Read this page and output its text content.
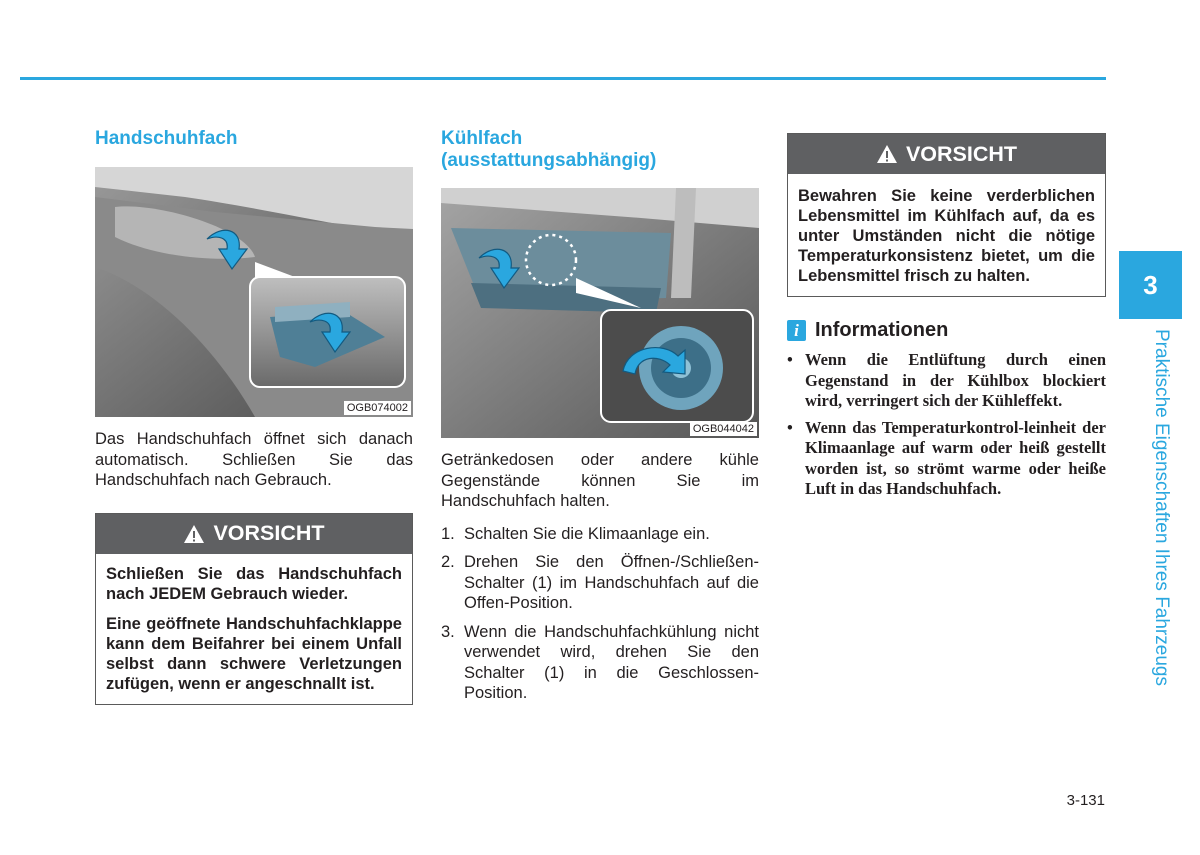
Handschuhfach
OGB074002

Das Handschuhfach öffnet sich danach automatisch. Schließen Sie das Handschuhfach nach Gebrauch.

VORSICHT

Schließen Sie das Handschuhfach nach JEDEM Gebrauch wieder.

Eine geöffnete Handschuhfachklappe kann dem Beifahrer bei einem Unfall selbst dann schwere Verletzungen zufügen, wenn er angeschnallt ist.

Kühlfach
(ausstattungsabhängig)
OGB044042

Getränkedosen oder andere kühle Gegenstände können Sie im Handschuhfach halten.

1. Schalten Sie die Klimaanlage ein.
2. Drehen Sie den Öffnen-/Schließen-Schalter (1) im Handschuhfach auf die Offen-Position.
3. Wenn die Handschuhfachkühlung nicht verwendet wird, drehen Sie den Schalter (1) in die Geschlossen-Position.
VORSICHT

Bewahren Sie keine verderblichen Lebensmittel im Kühlfach auf, da es unter Umständen nicht die nötige Temperaturkonsistenz bietet, um die Lebensmittel frisch zu halten.

i Informationen
• Wenn die Entlüftung durch einen Gegenstand in der Kühlbox blockiert wird, verringert sich der Kühleffekt.
• Wenn das Temperaturkontrol-leinheit der Klimaanlage auf warm oder heiß gestellt worden ist, so strömt warme oder heiße Luft in das Handschuhfach.
3
Praktische Eigenschaften Ihres Fahrzeugs
3-131
